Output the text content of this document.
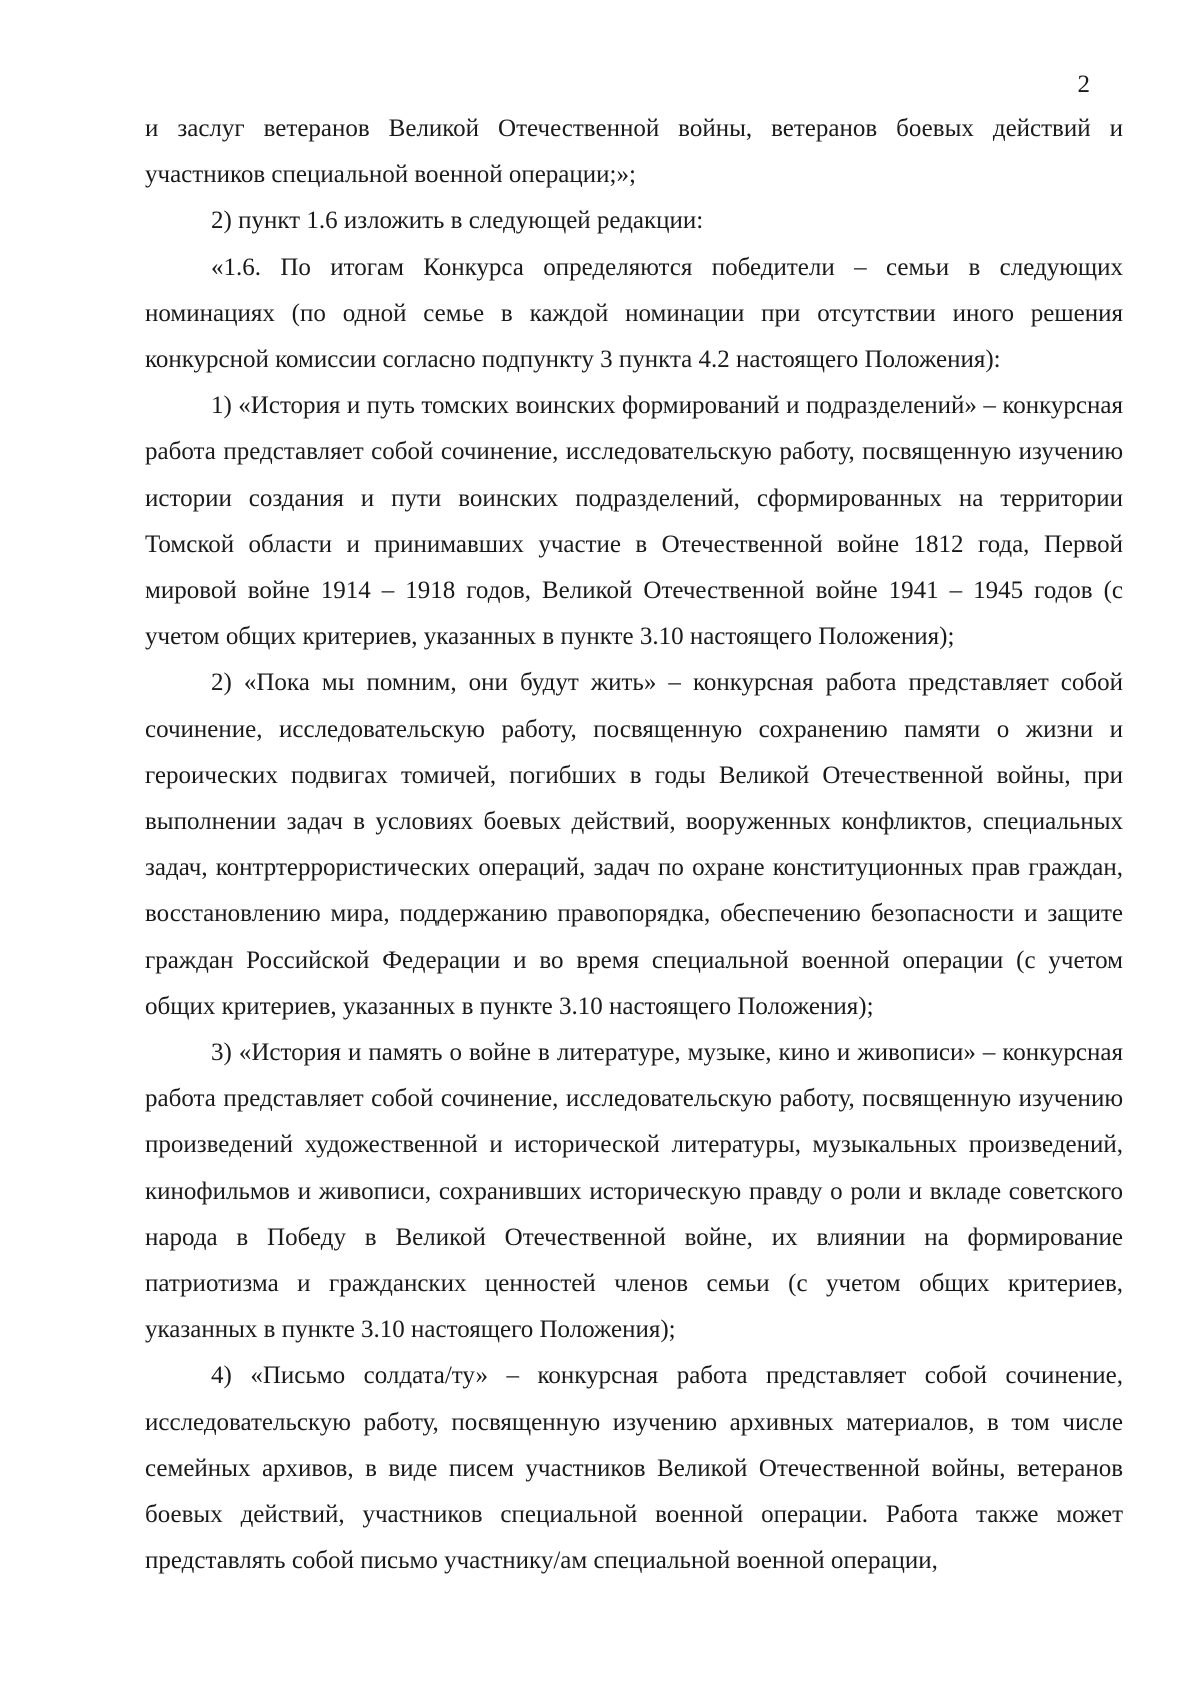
2

и заслуг ветеранов Великой Отечественной войны, ветеранов боевых действий и участников специальной военной операции;»;

2) пункт 1.6 изложить в следующей редакции:

«1.6. По итогам Конкурса определяются победители – семьи в следующих номинациях (по одной семье в каждой номинации при отсутствии иного решения конкурсной комиссии согласно подпункту 3 пункта 4.2 настоящего Положения):

1) «История и путь томских воинских формирований и подразделений» – конкурсная работа представляет собой сочинение, исследовательскую работу, посвященную изучению истории создания и пути воинских подразделений, сформированных на территории Томской области и принимавших участие в Отечественной войне 1812 года, Первой мировой войне 1914 – 1918 годов, Великой Отечественной войне 1941 – 1945 годов (с учетом общих критериев, указанных в пункте 3.10 настоящего Положения);

2) «Пока мы помним, они будут жить» – конкурсная работа представляет собой сочинение, исследовательскую работу, посвященную сохранению памяти о жизни и героических подвигах томичей, погибших в годы Великой Отечественной войны, при выполнении задач в условиях боевых действий, вооруженных конфликтов, специальных задач, контртеррористических операций, задач по охране конституционных прав граждан, восстановлению мира, поддержанию правопорядка, обеспечению безопасности и защите граждан Российской Федерации и во время специальной военной операции (с учетом общих критериев, указанных в пункте 3.10 настоящего Положения);

3) «История и память о войне в литературе, музыке, кино и живописи» – конкурсная работа представляет собой сочинение, исследовательскую работу, посвященную изучению произведений художественной и исторической литературы, музыкальных произведений, кинофильмов и живописи, сохранивших историческую правду о роли и вкладе советского народа в Победу в Великой Отечественной войне, их влиянии на формирование патриотизма и гражданских ценностей членов семьи (с учетом общих критериев, указанных в пункте 3.10 настоящего Положения);

4) «Письмо солдата/ту» – конкурсная работа представляет собой сочинение, исследовательскую работу, посвященную изучению архивных материалов, в том числе семейных архивов, в виде писем участников Великой Отечественной войны, ветеранов боевых действий, участников специальной военной операции. Работа также может представлять собой письмо участнику/ам специальной военной операции,
